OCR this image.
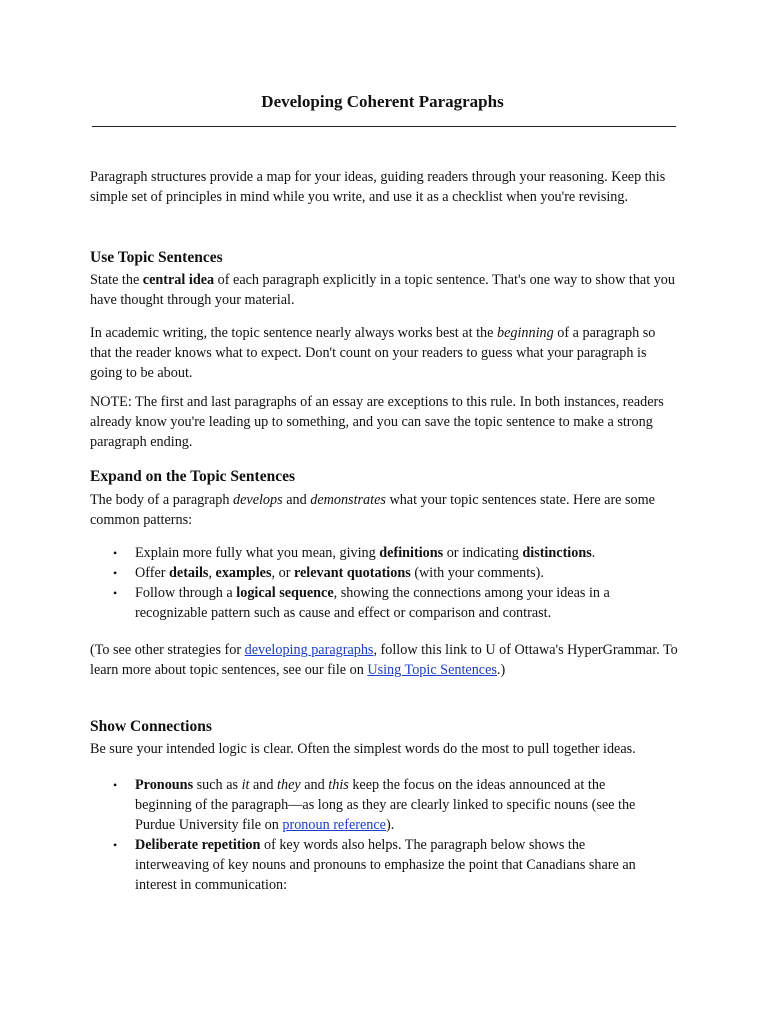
Developing Coherent Paragraphs

Paragraph structures provide a map for your ideas, guiding readers through your reasoning. Keep this simple set of principles in mind while you write, and use it as a checklist when you're revising.

Use Topic Sentences

State the central idea of each paragraph explicitly in a topic sentence. That's one way to show that you have thought through your material.

In academic writing, the topic sentence nearly always works best at the beginning of a paragraph so that the reader knows what to expect. Don't count on your readers to guess what your paragraph is going to be about.

NOTE: The first and last paragraphs of an essay are exceptions to this rule. In both instances, readers already know you're leading up to something, and you can save the topic sentence to make a strong paragraph ending.

Expand on the Topic Sentences

The body of a paragraph develops and demonstrates what your topic sentences state. Here are some common patterns:

• Explain more fully what you mean, giving definitions or indicating distinctions.
• Offer details, examples, or relevant quotations (with your comments).
• Follow through a logical sequence, showing the connections among your ideas in a recognizable pattern such as cause and effect or comparison and contrast.

(To see other strategies for developing paragraphs, follow this link to U of Ottawa's HyperGrammar. To learn more about topic sentences, see our file on Using Topic Sentences.)

Show Connections

Be sure your intended logic is clear. Often the simplest words do the most to pull together ideas.

• Pronouns such as it and they and this keep the focus on the ideas announced at the beginning of the paragraph—as long as they are clearly linked to specific nouns (see the Purdue University file on pronoun reference).
• Deliberate repetition of key words also helps. The paragraph below shows the interweaving of key nouns and pronouns to emphasize the point that Canadians share an interest in communication:
